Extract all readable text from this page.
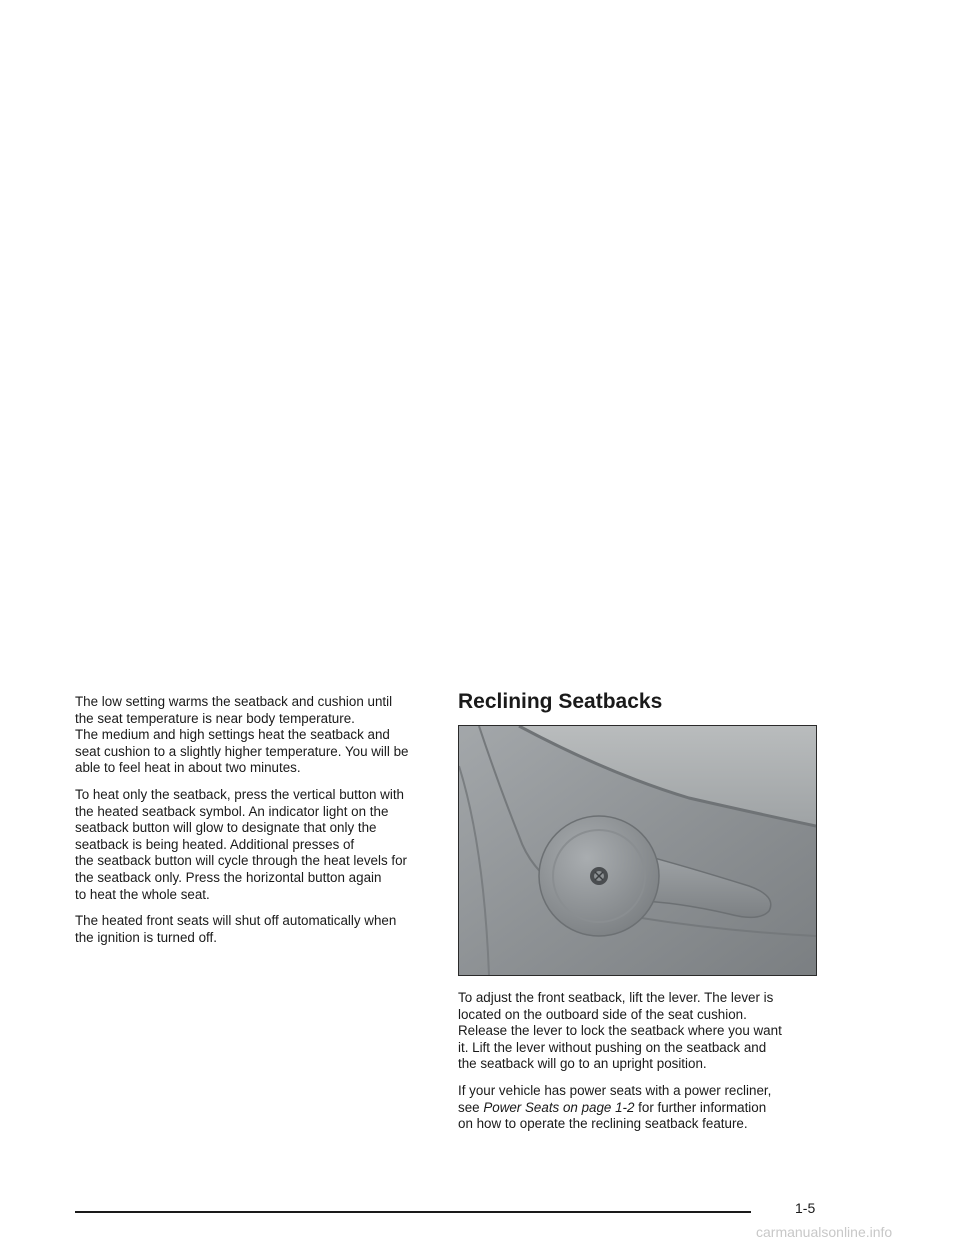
The low setting warms the seatback and cushion until
the seat temperature is near body temperature.
The medium and high settings heat the seatback and
seat cushion to a slightly higher temperature. You will be
able to feel heat in about two minutes.

To heat only the seatback, press the vertical button with
the heated seatback symbol. An indicator light on the
seatback button will glow to designate that only the
seatback is being heated. Additional presses of
the seatback button will cycle through the heat levels for
the seatback only. Press the horizontal button again
to heat the whole seat.

The heated front seats will shut off automatically when
the ignition is turned off.

Reclining Seatbacks

To adjust the front seatback, lift the lever. The lever is
located on the outboard side of the seat cushion.
Release the lever to lock the seatback where you want
it. Lift the lever without pushing on the seatback and
the seatback will go to an upright position.

If your vehicle has power seats with a power recliner,
see Power Seats on page 1-2 for further information
on how to operate the reclining seatback feature.

1-5
carmanualsonline.info
